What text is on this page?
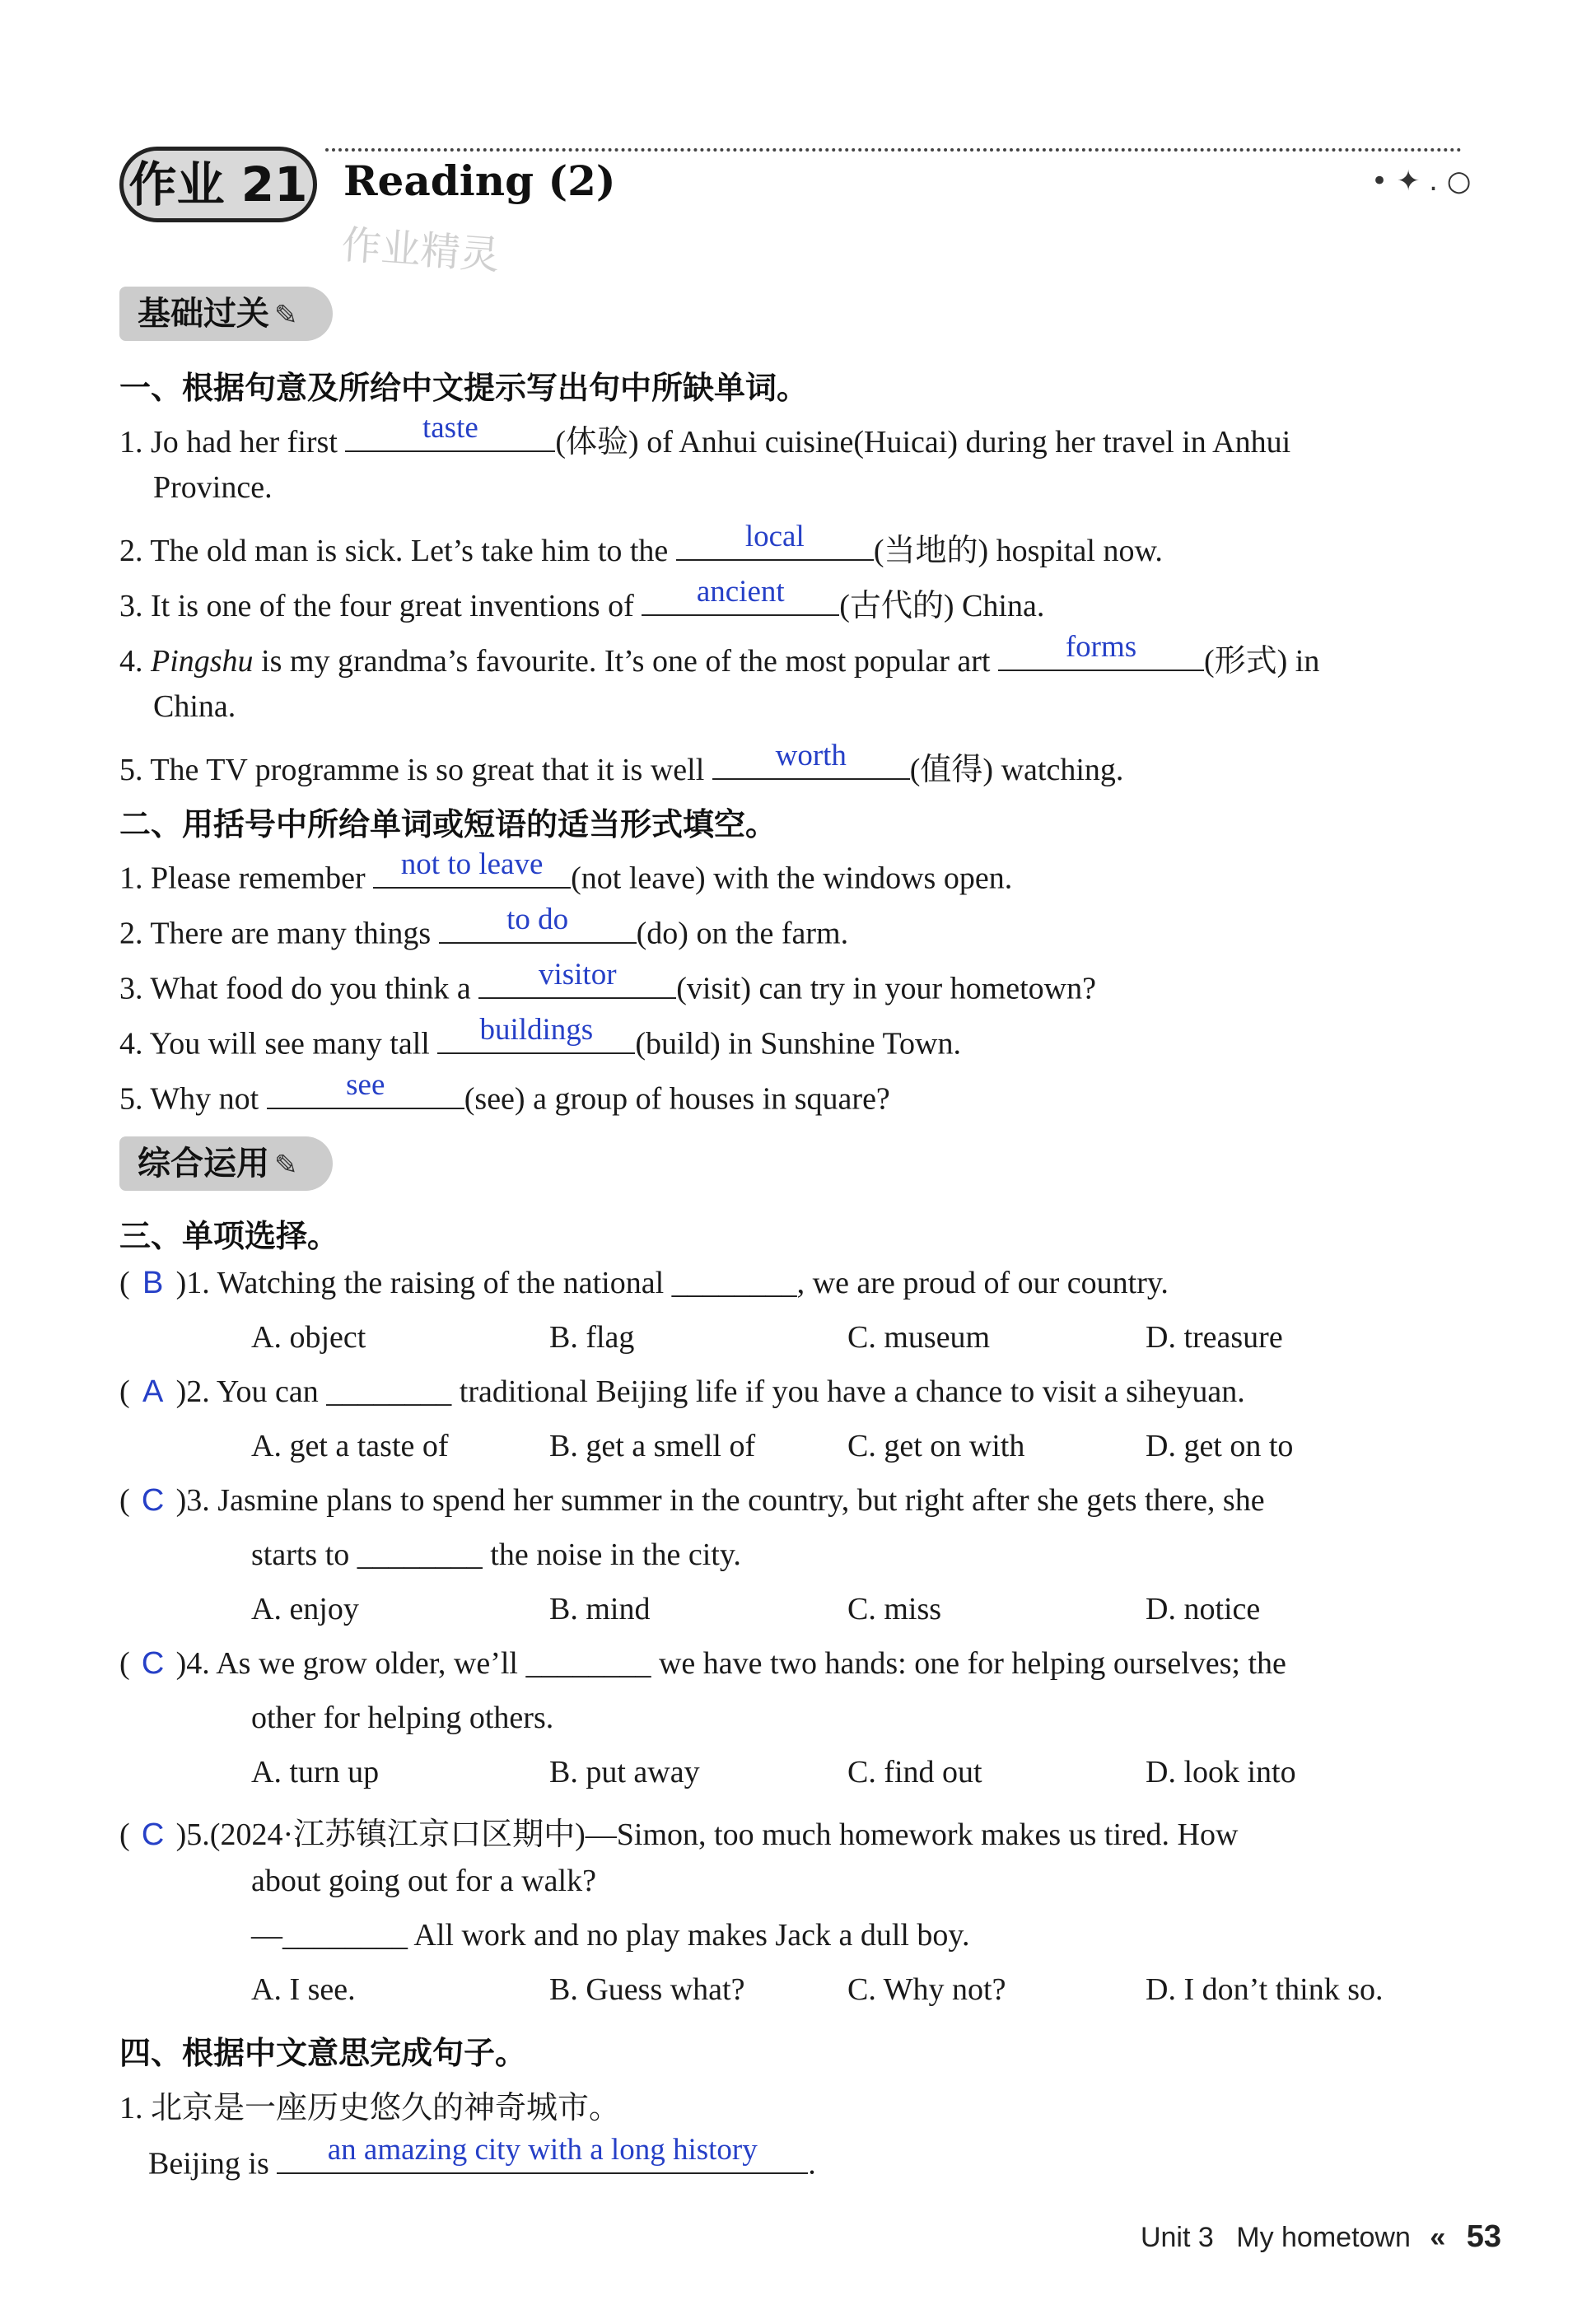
作业 21 Reading (2)	• ✦ . ○
作业精灵
基础过关 ✎
一、根据句意及所给中文提示写出句中所缺单词。
1. Jo had her first	taste	(体验) of Anhui cuisine(Huicai) during her travel in Anhui
Province.
2. The old man is sick. Let’s take him to the	local	(当地的) hospital now.
3. It is one of the four great inventions of	ancient	(古代的) China.
4. Pingshu is my grandma’s favourite. It’s one of the most popular art	forms	(形式) in
China.
5. The TV programme is so great that it is well	worth	(值得) watching.
二、用括号中所给单词或短语的适当形式填空。
1. Please remember not to leave (not leave) with the windows open.
2. There are many things	to do	(do) on the farm.
3. What food do you think a	visitor	(visit) can try in your hometown?
4. You will see many tall	buildings	(build) in Sunshine Town.
5. Why not	see	(see) a group of houses in square?
综合运用 ✎
三、单项选择。
( B )1. Watching the raising of the national ________, we are proud of our country.
A. object	B. flag	C. museum	D. treasure
( A )2. You can ________ traditional Beijing life if you have a chance to visit a siheyuan.
A. get a taste of	B. get a smell of	C. get on with	D. get on to
( C )3. Jasmine plans to spend her summer in the country, but right after she gets there, she
starts to ________ the noise in the city.
A. enjoy	B. mind	C. miss	D. notice
( C )4. As we grow older, we’ll ________ we have two hands: one for helping ourselves; the
other for helping others.
A. turn up	B. put away	C. find out	D. look into
( C )5.(2024·江苏镇江京口区期中)—Simon, too much homework makes us tired. How
about going out for a walk?
—________ All work and no play makes Jack a dull boy.
A. I see.	B. Guess what?	C. Why not?	D. I don’t think so.
四、根据中文意思完成句子。
1. 北京是一座历史悠久的神奇城市。
Beijing is	an amazing city with a long history	.
Unit 3 My hometown « 53
